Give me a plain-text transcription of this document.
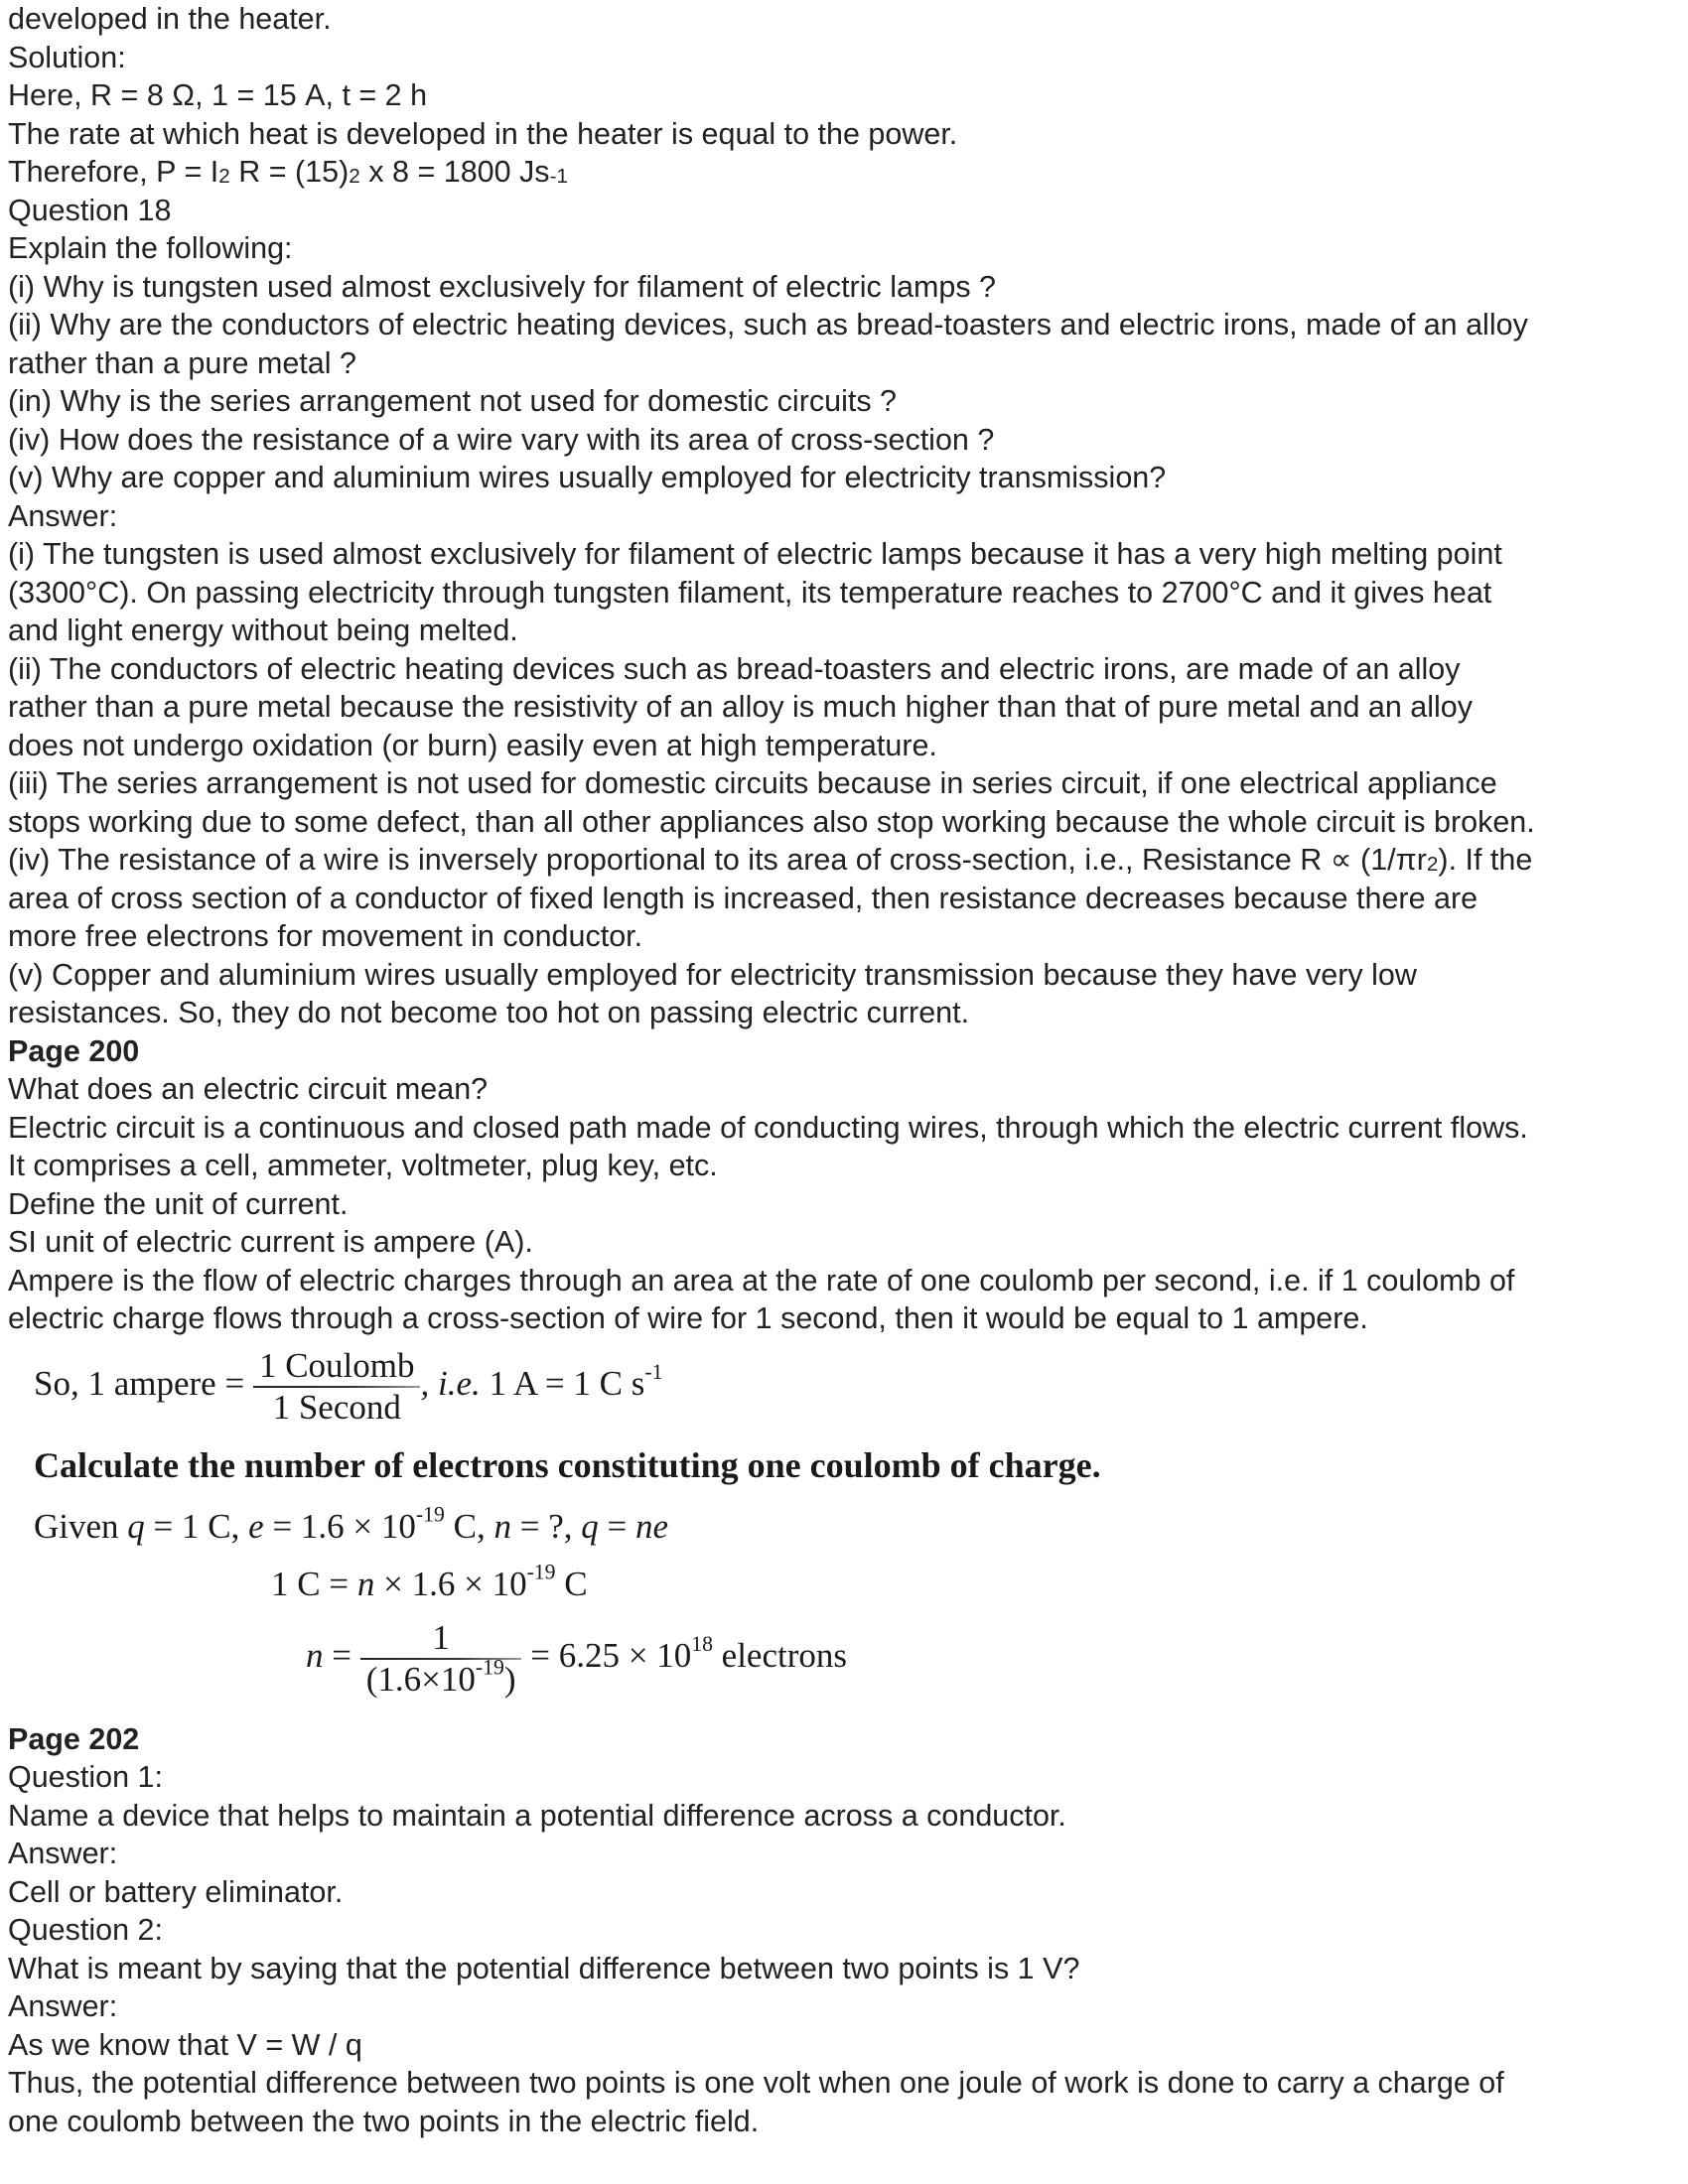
developed in the heater.
Solution:
Here, R = 8 Ω, 1 = 15 A, t = 2 h
The rate at which heat is developed in the heater is equal to the power.
Therefore, P = I2 R = (15)2 x 8 = 1800 Js-1
Question 18
Explain the following:
(i) Why is tungsten used almost exclusively for filament of electric lamps ?
(ii) Why are the conductors of electric heating devices, such as bread-toasters and electric irons, made of an alloy
rather than a pure metal ?
(in) Why is the series arrangement not used for domestic circuits ?
(iv) How does the resistance of a wire vary with its area of cross-section ?
(v) Why are copper and aluminium wires usually employed for electricity transmission?
Answer:
(i) The tungsten is used almost exclusively for filament of electric lamps because it has a very high melting point
(3300°C). On passing electricity through tungsten filament, its temperature reaches to 2700°C and it gives heat
and light energy without being melted.
(ii) The conductors of electric heating devices such as bread-toasters and electric irons, are made of an alloy
rather than a pure metal because the resistivity of an alloy is much higher than that of pure metal and an alloy
does not undergo oxidation (or burn) easily even at high temperature.
(iii) The series arrangement is not used for domestic circuits because in series circuit, if one electrical appliance
stops working due to some defect, than all other appliances also stop working because the whole circuit is broken.
(iv) The resistance of a wire is inversely proportional to its area of cross-section, i.e., Resistance R ∝ (1/πr2). If the
area of cross section of a conductor of fixed length is increased, then resistance decreases because there are
more free electrons for movement in conductor.
(v) Copper and aluminium wires usually employed for electricity transmission because they have very low
resistances. So, they do not become too hot on passing electric current.
Page 200
What does an electric circuit mean?
Electric circuit is a continuous and closed path made of conducting wires, through which the electric current flows.
It comprises a cell, ammeter, voltmeter, plug key, etc.
Define the unit of current.
SI unit of electric current is ampere (A).
Ampere is the flow of electric charges through an area at the rate of one coulomb per second, i.e. if 1 coulomb of
electric charge flows through a cross-section of wire for 1 second, then it would be equal to 1 ampere.
So, 1 ampere = $\frac{\text{1 Coulomb}}{\text{1 Second}}$ , i.e. 1 A = 1 C $s^{-1}$
Calculate the number of electrons constituting one coulomb of charge.
Given q = 1 C, $e = 1.6 \times 10^{-19}$ C, n = ?, q = ne
1 $C = n \times 1.6 \times 10^{-19}$ C
$n = \frac{1}{(1.6\times 10^{-19})} = 6.25 \times 10^{18}$ electrons
Page 202
Question 1:
Name a device that helps to maintain a potential difference across a conductor.
Answer:
Cell or battery eliminator.
Question 2:
What is meant by saying that the potential difference between two points is 1 V?
Answer:
As we know that V = W / q
Thus, the potential difference between two points is one volt when one joule of work is done to carry a charge of
one coulomb between the two points in the electric field.
